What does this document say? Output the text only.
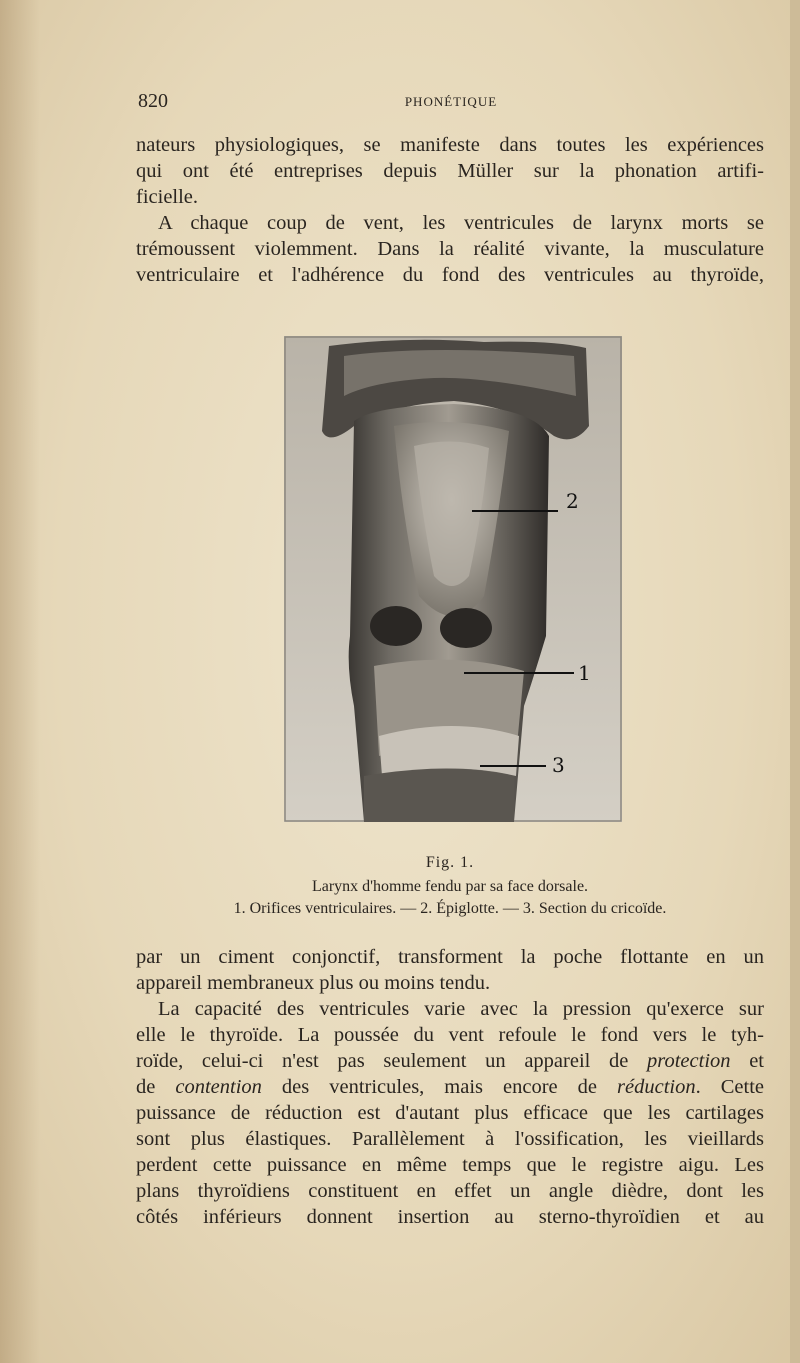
820	PHONÉTIQUE

nateurs physiologiques, se manifeste dans toutes les expériences
qui ont été entreprises depuis Müller sur la phonation artifi-
ficielle.

A chaque coup de vent, les ventricules de larynx morts se
trémoussent violemment. Dans la réalité vivante, la musculature
ventriculaire et l'adhérence du fond des ventricules au thyroïde,

2
1
3
Fig. 1.
Larynx d'homme fendu par sa face dorsale.
1. Orifices ventriculaires. — 2. Épiglotte. — 3. Section du cricoïde.

par un ciment conjonctif, transforment la poche flottante en un
appareil membraneux plus ou moins tendu.

La capacité des ventricules varie avec la pression qu'exerce sur
elle le thyroïde. La poussée du vent refoule le fond vers le tyh-
roïde, celui-ci n'est pas seulement un appareil de protection et
de contention des ventricules, mais encore de réduction. Cette
puissance de réduction est d'autant plus efficace que les cartilages
sont plus élastiques. Parallèlement à l'ossification, les vieillards
perdent cette puissance en même temps que le registre aigu. Les
plans thyroïdiens constituent en effet un angle dièdre, dont les
côtés inférieurs donnent insertion au sterno-thyroïdien et au
